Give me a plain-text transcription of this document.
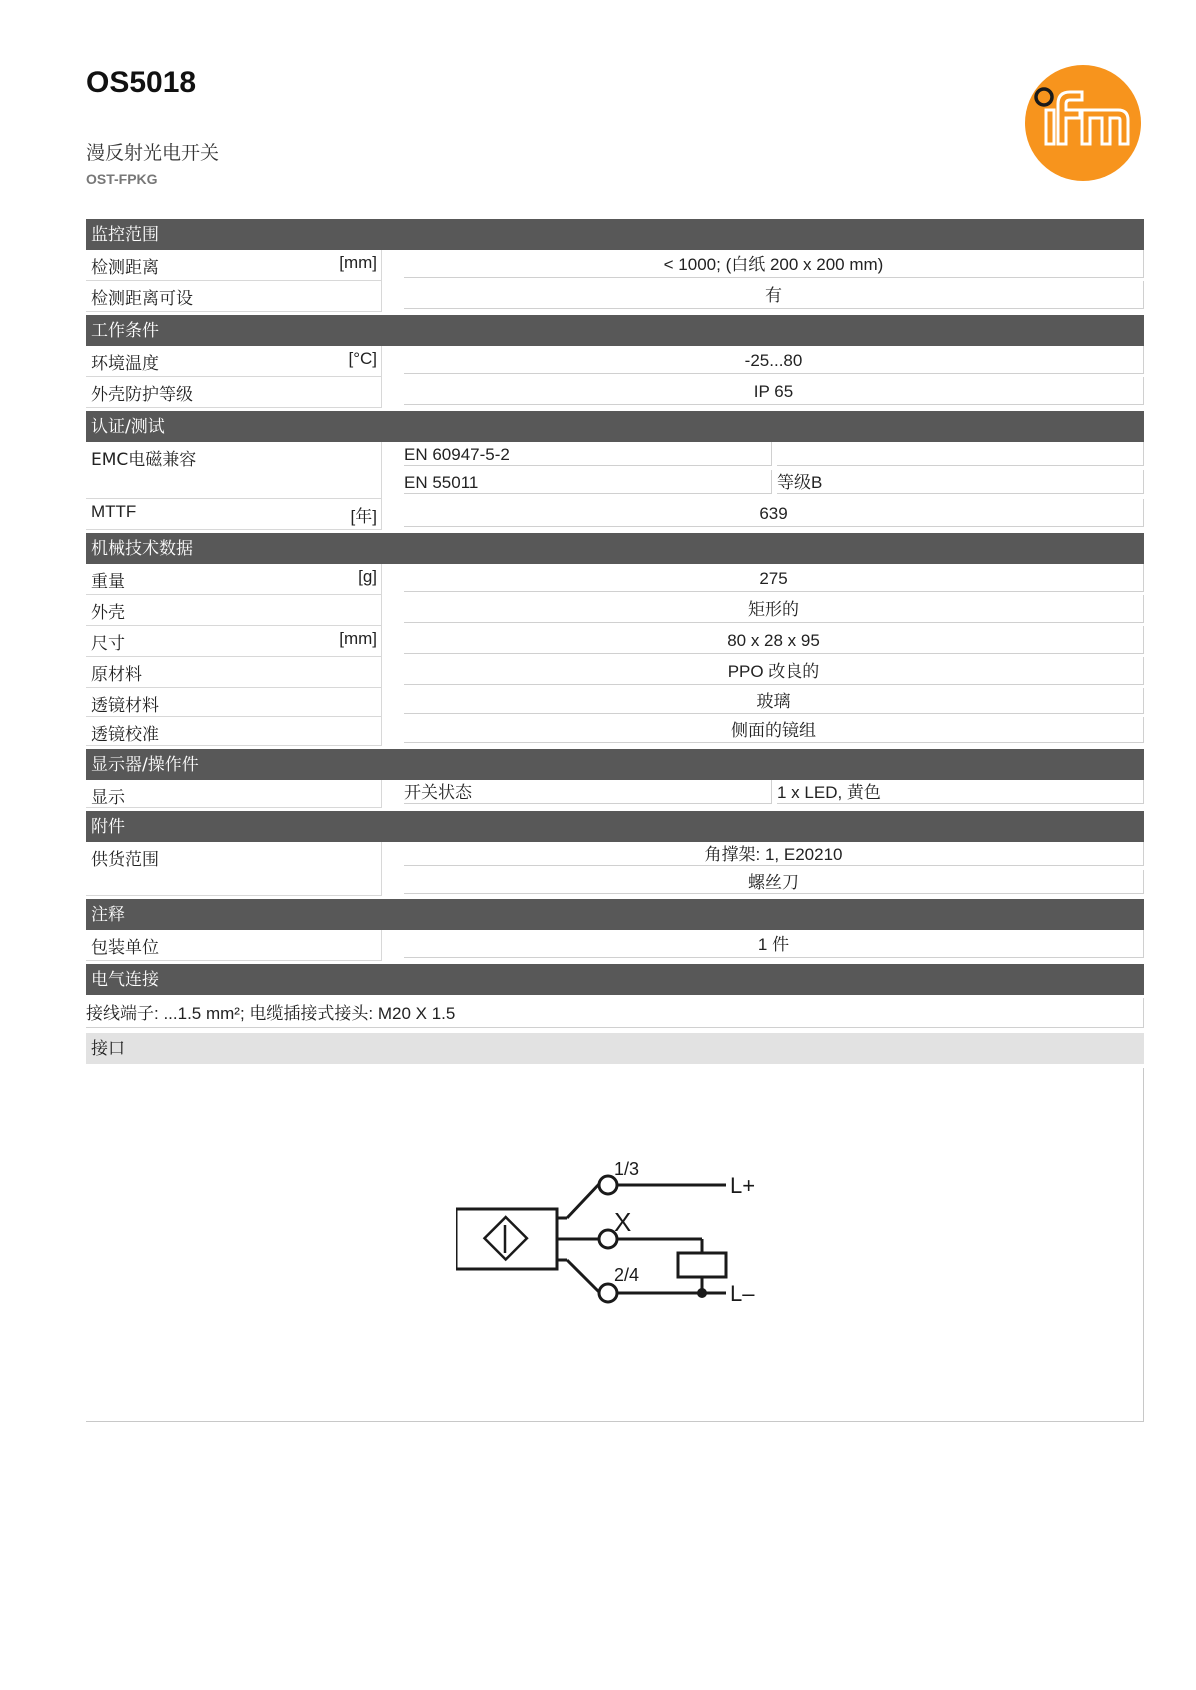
OS5018
漫反射光电开关
OST-FPKG
监控范围
检测距离	[mm]	< 1000; (白纸 200 x 200 mm)
检测距离可设	有
工作条件
环境温度	[°C]	-25...80
外壳防护等级	IP 65
认证/测试
EMC电磁兼容	EN 60947-5-2
EN 55011	等级B
MTTF	[年]	639
机械技术数据
重量	[g]	275
外壳	矩形的
尺寸	[mm]	80 x 28 x 95
原材料	PPO 改良的
透镜材料	玻璃
透镜校准	侧面的镜组
显示器/操作件
显示	开关状态	1 x LED, 黄色
附件
供货范围	角撑架: 1, E20210
螺丝刀
注释
包装单位	1 件
电气连接
接线端子: ...1.5 mm²; 电缆插接式接头: M20 X 1.5
接口
1/3
X
2/4
L+
L–
